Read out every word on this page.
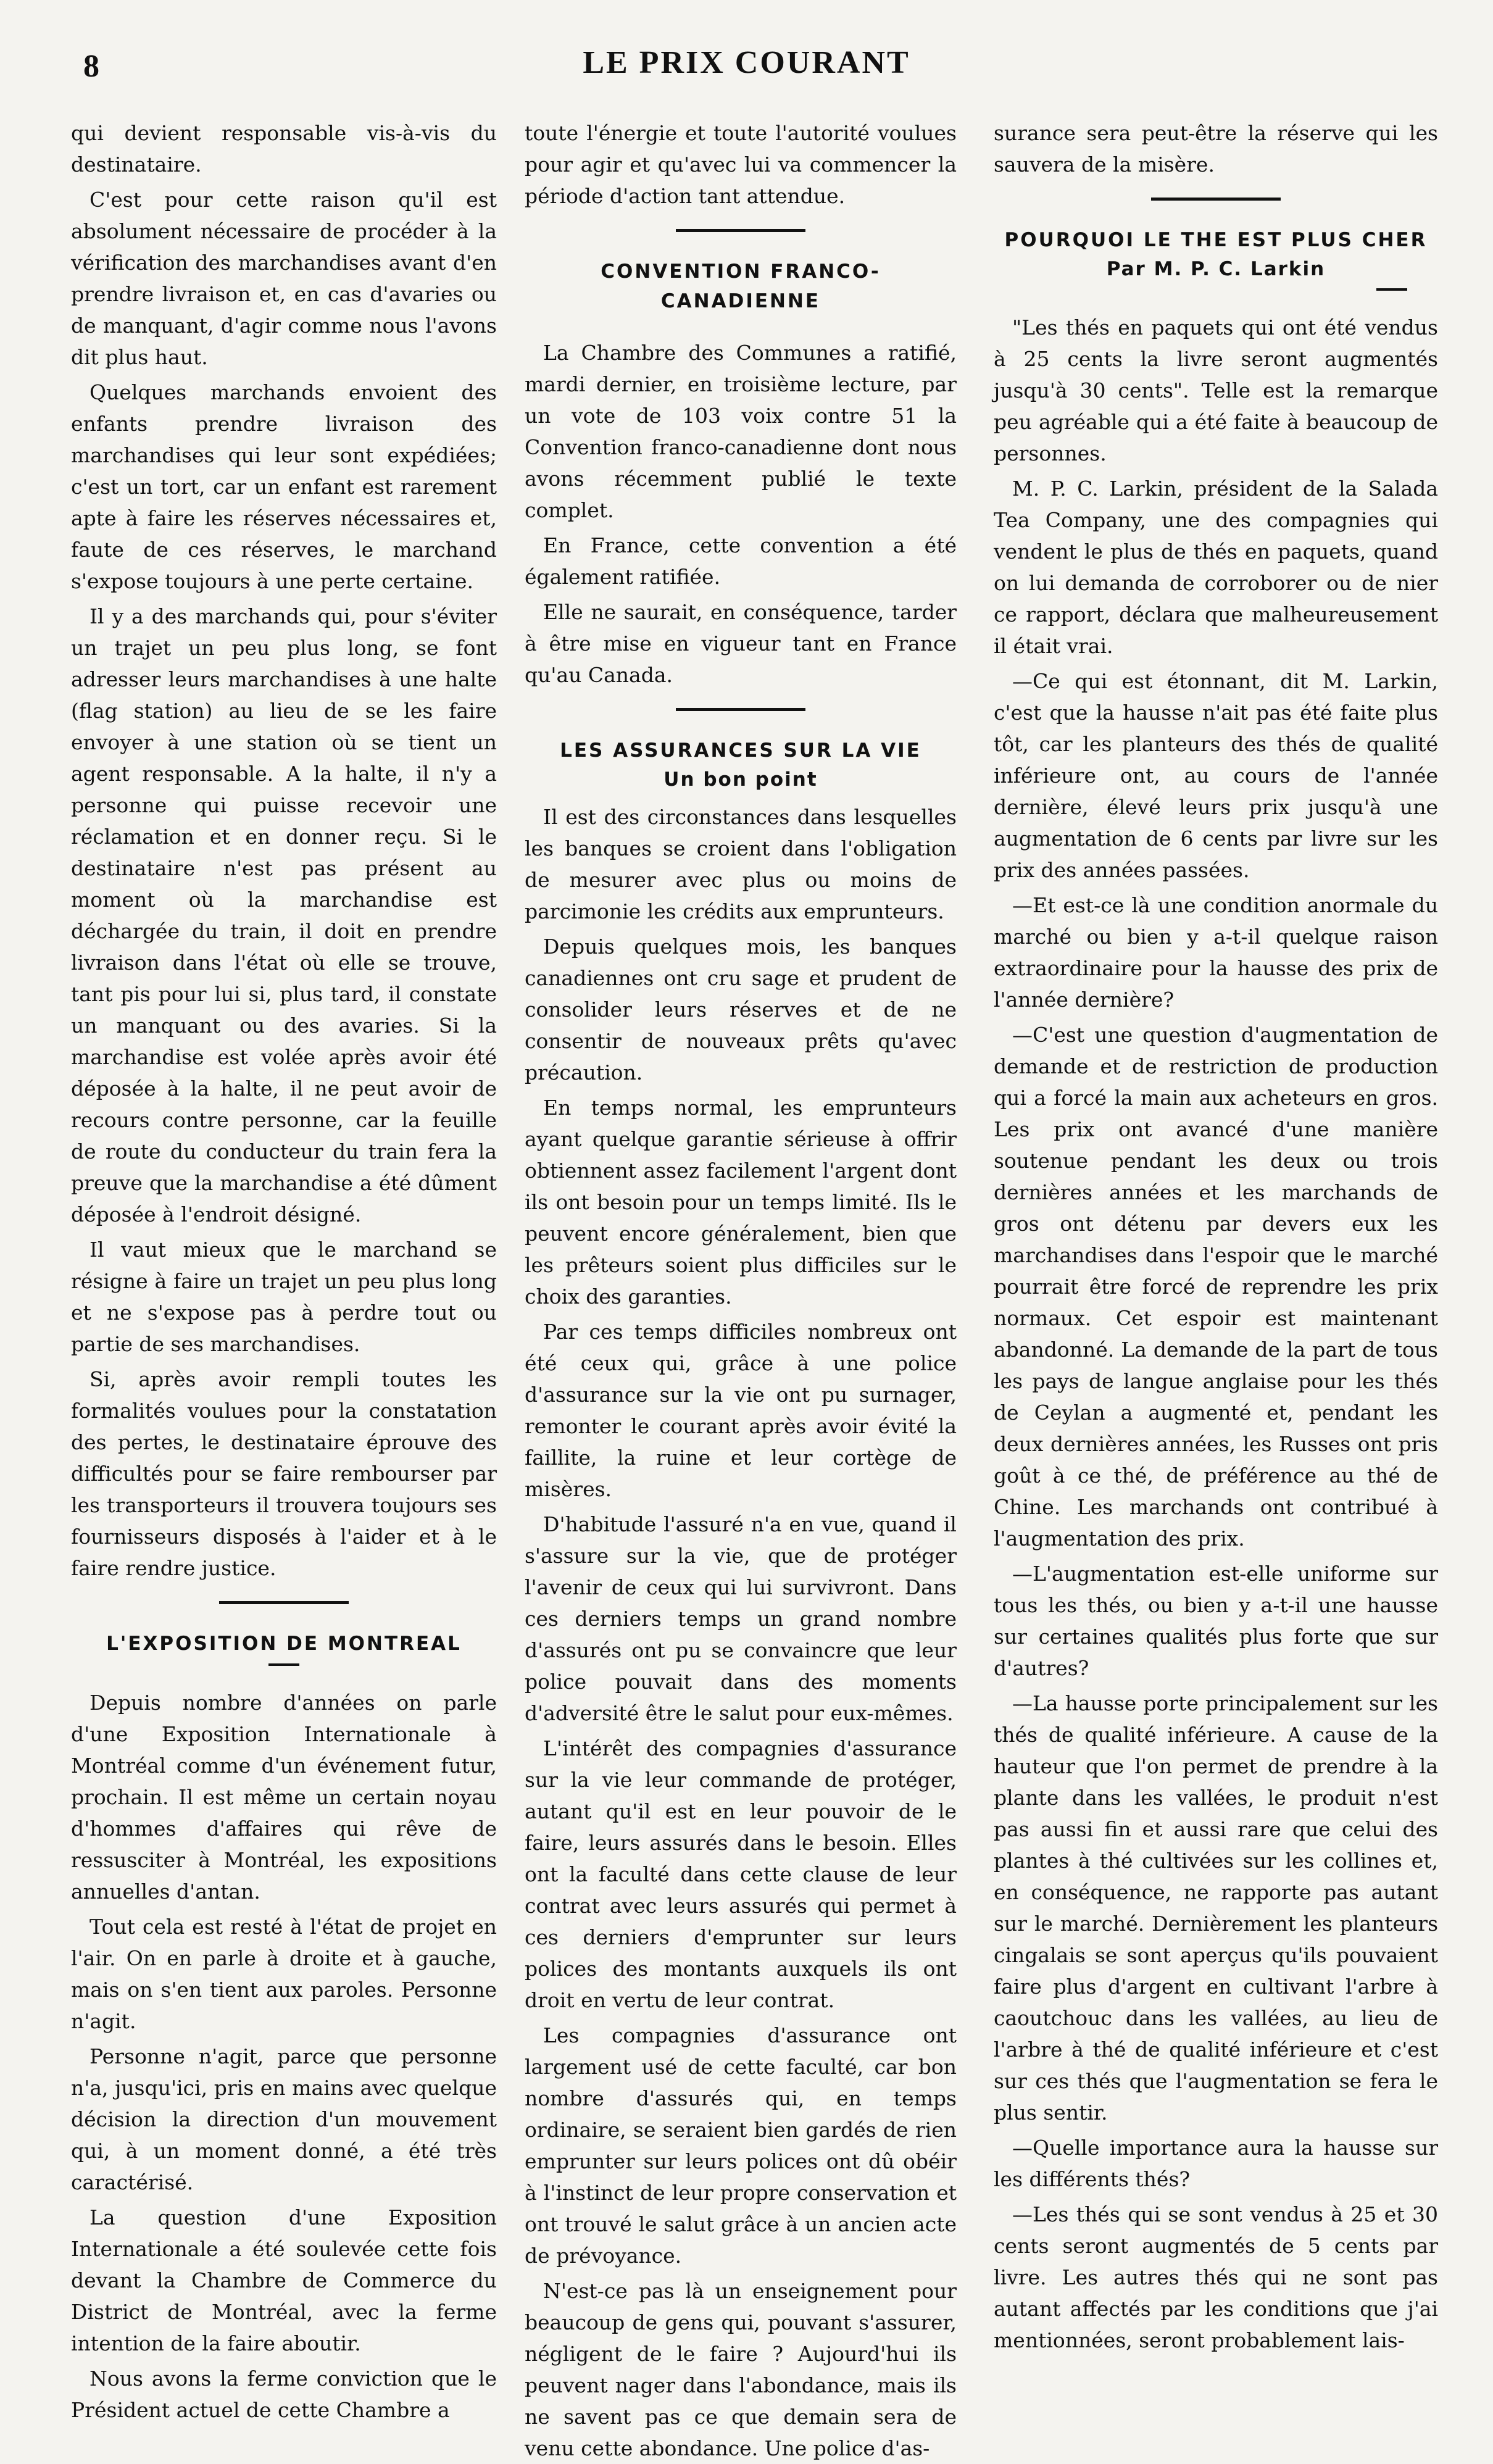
8	LE PRIX COURANT

qui devient responsable vis-à-vis du destinataire.

C'est pour cette raison qu'il est absolument nécessaire de procéder à la vérification des marchandises avant d'en prendre livraison et, en cas d'avaries ou de manquant, d'agir comme nous l'avons dit plus haut.

Quelques marchands envoient des enfants prendre livraison des marchandises qui leur sont expédiées; c'est un tort, car un enfant est rarement apte à faire les réserves nécessaires et, faute de ces réserves, le marchand s'expose toujours à une perte certaine.

Il y a des marchands qui, pour s'éviter un trajet un peu plus long, se font adresser leurs marchandises à une halte (flag station) au lieu de se les faire envoyer à une station où se tient un agent responsable. A la halte, il n'y a personne qui puisse recevoir une réclamation et en donner reçu. Si le destinataire n'est pas présent au moment où la marchandise est déchargée du train, il doit en prendre livraison dans l'état où elle se trouve, tant pis pour lui si, plus tard, il constate un manquant ou des avaries. Si la marchandise est volée après avoir été déposée à la halte, il ne peut avoir de recours contre personne, car la feuille de route du conducteur du train fera la preuve que la marchandise a été dûment déposée à l'endroit désigné.

Il vaut mieux que le marchand se résigne à faire un trajet un peu plus long et ne s'expose pas à perdre tout ou partie de ses marchandises.

Si, après avoir rempli toutes les formalités voulues pour la constatation des pertes, le destinataire éprouve des difficultés pour se faire rembourser par les transporteurs il trouvera toujours ses fournisseurs disposés à l'aider et à le faire rendre justice.

L'EXPOSITION DE MONTREAL

Depuis nombre d'années on parle d'une Exposition Internationale à Montréal comme d'un événement futur, prochain. Il est même un certain noyau d'hommes d'affaires qui rêve de ressusciter à Montréal, les expositions annuelles d'antan.

Tout cela est resté à l'état de projet en l'air. On en parle à droite et à gauche, mais on s'en tient aux paroles. Personne n'agit.

Personne n'agit, parce que personne n'a, jusqu'ici, pris en mains avec quelque décision la direction d'un mouvement qui, à un moment donné, a été très caractérisé.

La question d'une Exposition Internationale a été soulevée cette fois devant la Chambre de Commerce du District de Montréal, avec la ferme intention de la faire aboutir.

Nous avons la ferme conviction que le Président actuel de cette Chambre a

toute l'énergie et toute l'autorité voulues pour agir et qu'avec lui va commencer la période d'action tant attendue.

CONVENTION FRANCO-CANADIENNE

La Chambre des Communes a ratifié, mardi dernier, en troisième lecture, par un vote de 103 voix contre 51 la Convention franco-canadienne dont nous avons récemment publié le texte complet.

En France, cette convention a été également ratifiée.

Elle ne saurait, en conséquence, tarder à être mise en vigueur tant en France qu'au Canada.

LES ASSURANCES SUR LA VIE
Un bon point

Il est des circonstances dans lesquelles les banques se croient dans l'obligation de mesurer avec plus ou moins de parcimonie les crédits aux emprunteurs.

Depuis quelques mois, les banques canadiennes ont cru sage et prudent de consolider leurs réserves et de ne consentir de nouveaux prêts qu'avec précaution.

En temps normal, les emprunteurs ayant quelque garantie sérieuse à offrir obtiennent assez facilement l'argent dont ils ont besoin pour un temps limité. Ils le peuvent encore généralement, bien que les prêteurs soient plus difficiles sur le choix des garanties.

Par ces temps difficiles nombreux ont été ceux qui, grâce à une police d'assurance sur la vie ont pu surnager, remonter le courant après avoir évité la faillite, la ruine et leur cortège de misères.

D'habitude l'assuré n'a en vue, quand il s'assure sur la vie, que de protéger l'avenir de ceux qui lui survivront. Dans ces derniers temps un grand nombre d'assurés ont pu se convaincre que leur police pouvait dans des moments d'adversité être le salut pour eux-mêmes.

L'intérêt des compagnies d'assurance sur la vie leur commande de protéger, autant qu'il est en leur pouvoir de le faire, leurs assurés dans le besoin. Elles ont la faculté dans cette clause de leur contrat avec leurs assurés qui permet à ces derniers d'emprunter sur leurs polices des montants auxquels ils ont droit en vertu de leur contrat.

Les compagnies d'assurance ont largement usé de cette faculté, car bon nombre d'assurés qui, en temps ordinaire, se seraient bien gardés de rien emprunter sur leurs polices ont dû obéir à l'instinct de leur propre conservation et ont trouvé le salut grâce à un ancien acte de prévoyance.

N'est-ce pas là un enseignement pour beaucoup de gens qui, pouvant s'assurer, négligent de le faire ? Aujourd'hui ils peuvent nager dans l'abondance, mais ils ne savent pas ce que demain sera de venu cette abondance. Une police d'as-

surance sera peut-être la réserve qui les sauvera de la misère.

POURQUOI LE THE EST PLUS CHER
Par M. P. C. Larkin

"Les thés en paquets qui ont été vendus à 25 cents la livre seront augmentés jusqu'à 30 cents". Telle est la remarque peu agréable qui a été faite à beaucoup de personnes.

M. P. C. Larkin, président de la Salada Tea Company, une des compagnies qui vendent le plus de thés en paquets, quand on lui demanda de corroborer ou de nier ce rapport, déclara que malheureusement il était vrai.

—Ce qui est étonnant, dit M. Larkin, c'est que la hausse n'ait pas été faite plus tôt, car les planteurs des thés de qualité inférieure ont, au cours de l'année dernière, élevé leurs prix jusqu'à une augmentation de 6 cents par livre sur les prix des années passées.

—Et est-ce là une condition anormale du marché ou bien y a-t-il quelque raison extraordinaire pour la hausse des prix de l'année dernière?

—C'est une question d'augmentation de demande et de restriction de production qui a forcé la main aux acheteurs en gros. Les prix ont avancé d'une manière soutenue pendant les deux ou trois dernières années et les marchands de gros ont détenu par devers eux les marchandises dans l'espoir que le marché pourrait être forcé de reprendre les prix normaux. Cet espoir est maintenant abandonné. La demande de la part de tous les pays de langue anglaise pour les thés de Ceylan a augmenté et, pendant les deux dernières années, les Russes ont pris goût à ce thé, de préférence au thé de Chine. Les marchands ont contribué à l'augmentation des prix.

—L'augmentation est-elle uniforme sur tous les thés, ou bien y a-t-il une hausse sur certaines qualités plus forte que sur d'autres?

—La hausse porte principalement sur les thés de qualité inférieure. A cause de la hauteur que l'on permet de prendre à la plante dans les vallées, le produit n'est pas aussi fin et aussi rare que celui des plantes à thé cultivées sur les collines et, en conséquence, ne rapporte pas autant sur le marché. Dernièrement les planteurs cingalais se sont aperçus qu'ils pouvaient faire plus d'argent en cultivant l'arbre à caoutchouc dans les vallées, au lieu de l'arbre à thé de qualité inférieure et c'est sur ces thés que l'augmentation se fera le plus sentir.

—Quelle importance aura la hausse sur les différents thés?

—Les thés qui se sont vendus à 25 et 30 cents seront augmentés de 5 cents par livre. Les autres thés qui ne sont pas autant affectés par les conditions que j'ai mentionnées, seront probablement lais-
